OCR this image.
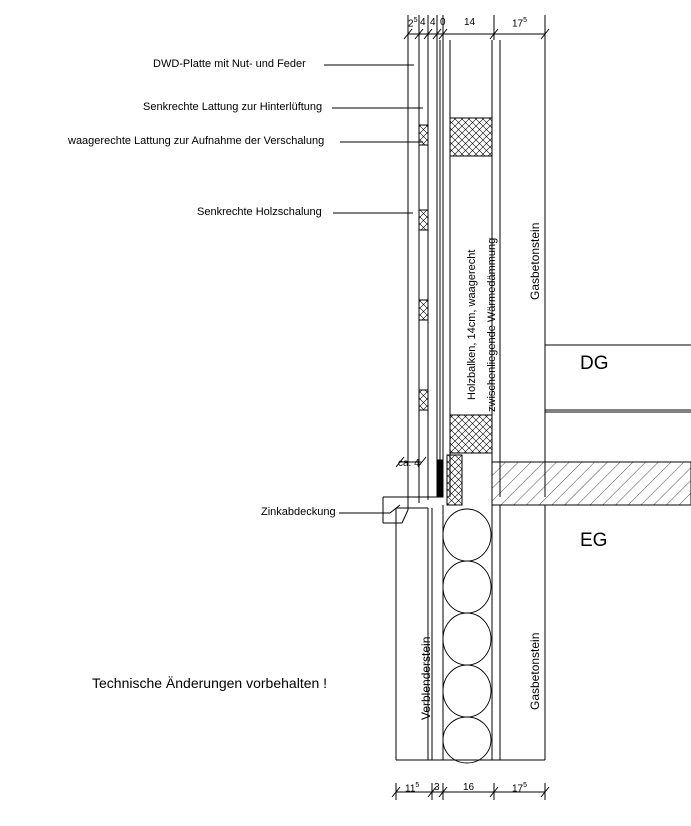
DWD-Platte mit Nut- und Feder
Senkrechte Lattung zur Hinterlüftung
waagerechte Lattung zur Aufnahme der Verschalung
Senkrechte Holzschalung
Zinkabdeckung
Technische Änderungen vorbehalten !
ca. 4
Holzbalken, 14cm, waagerecht zwischenliegende Wärmedämmung	Gasbetonstein
Gasbetonstein
Verblenderstein
DG
EG
$2^5$ 4 4 0 14	$17^5$
$11^5$ 3 16	$17^5$
